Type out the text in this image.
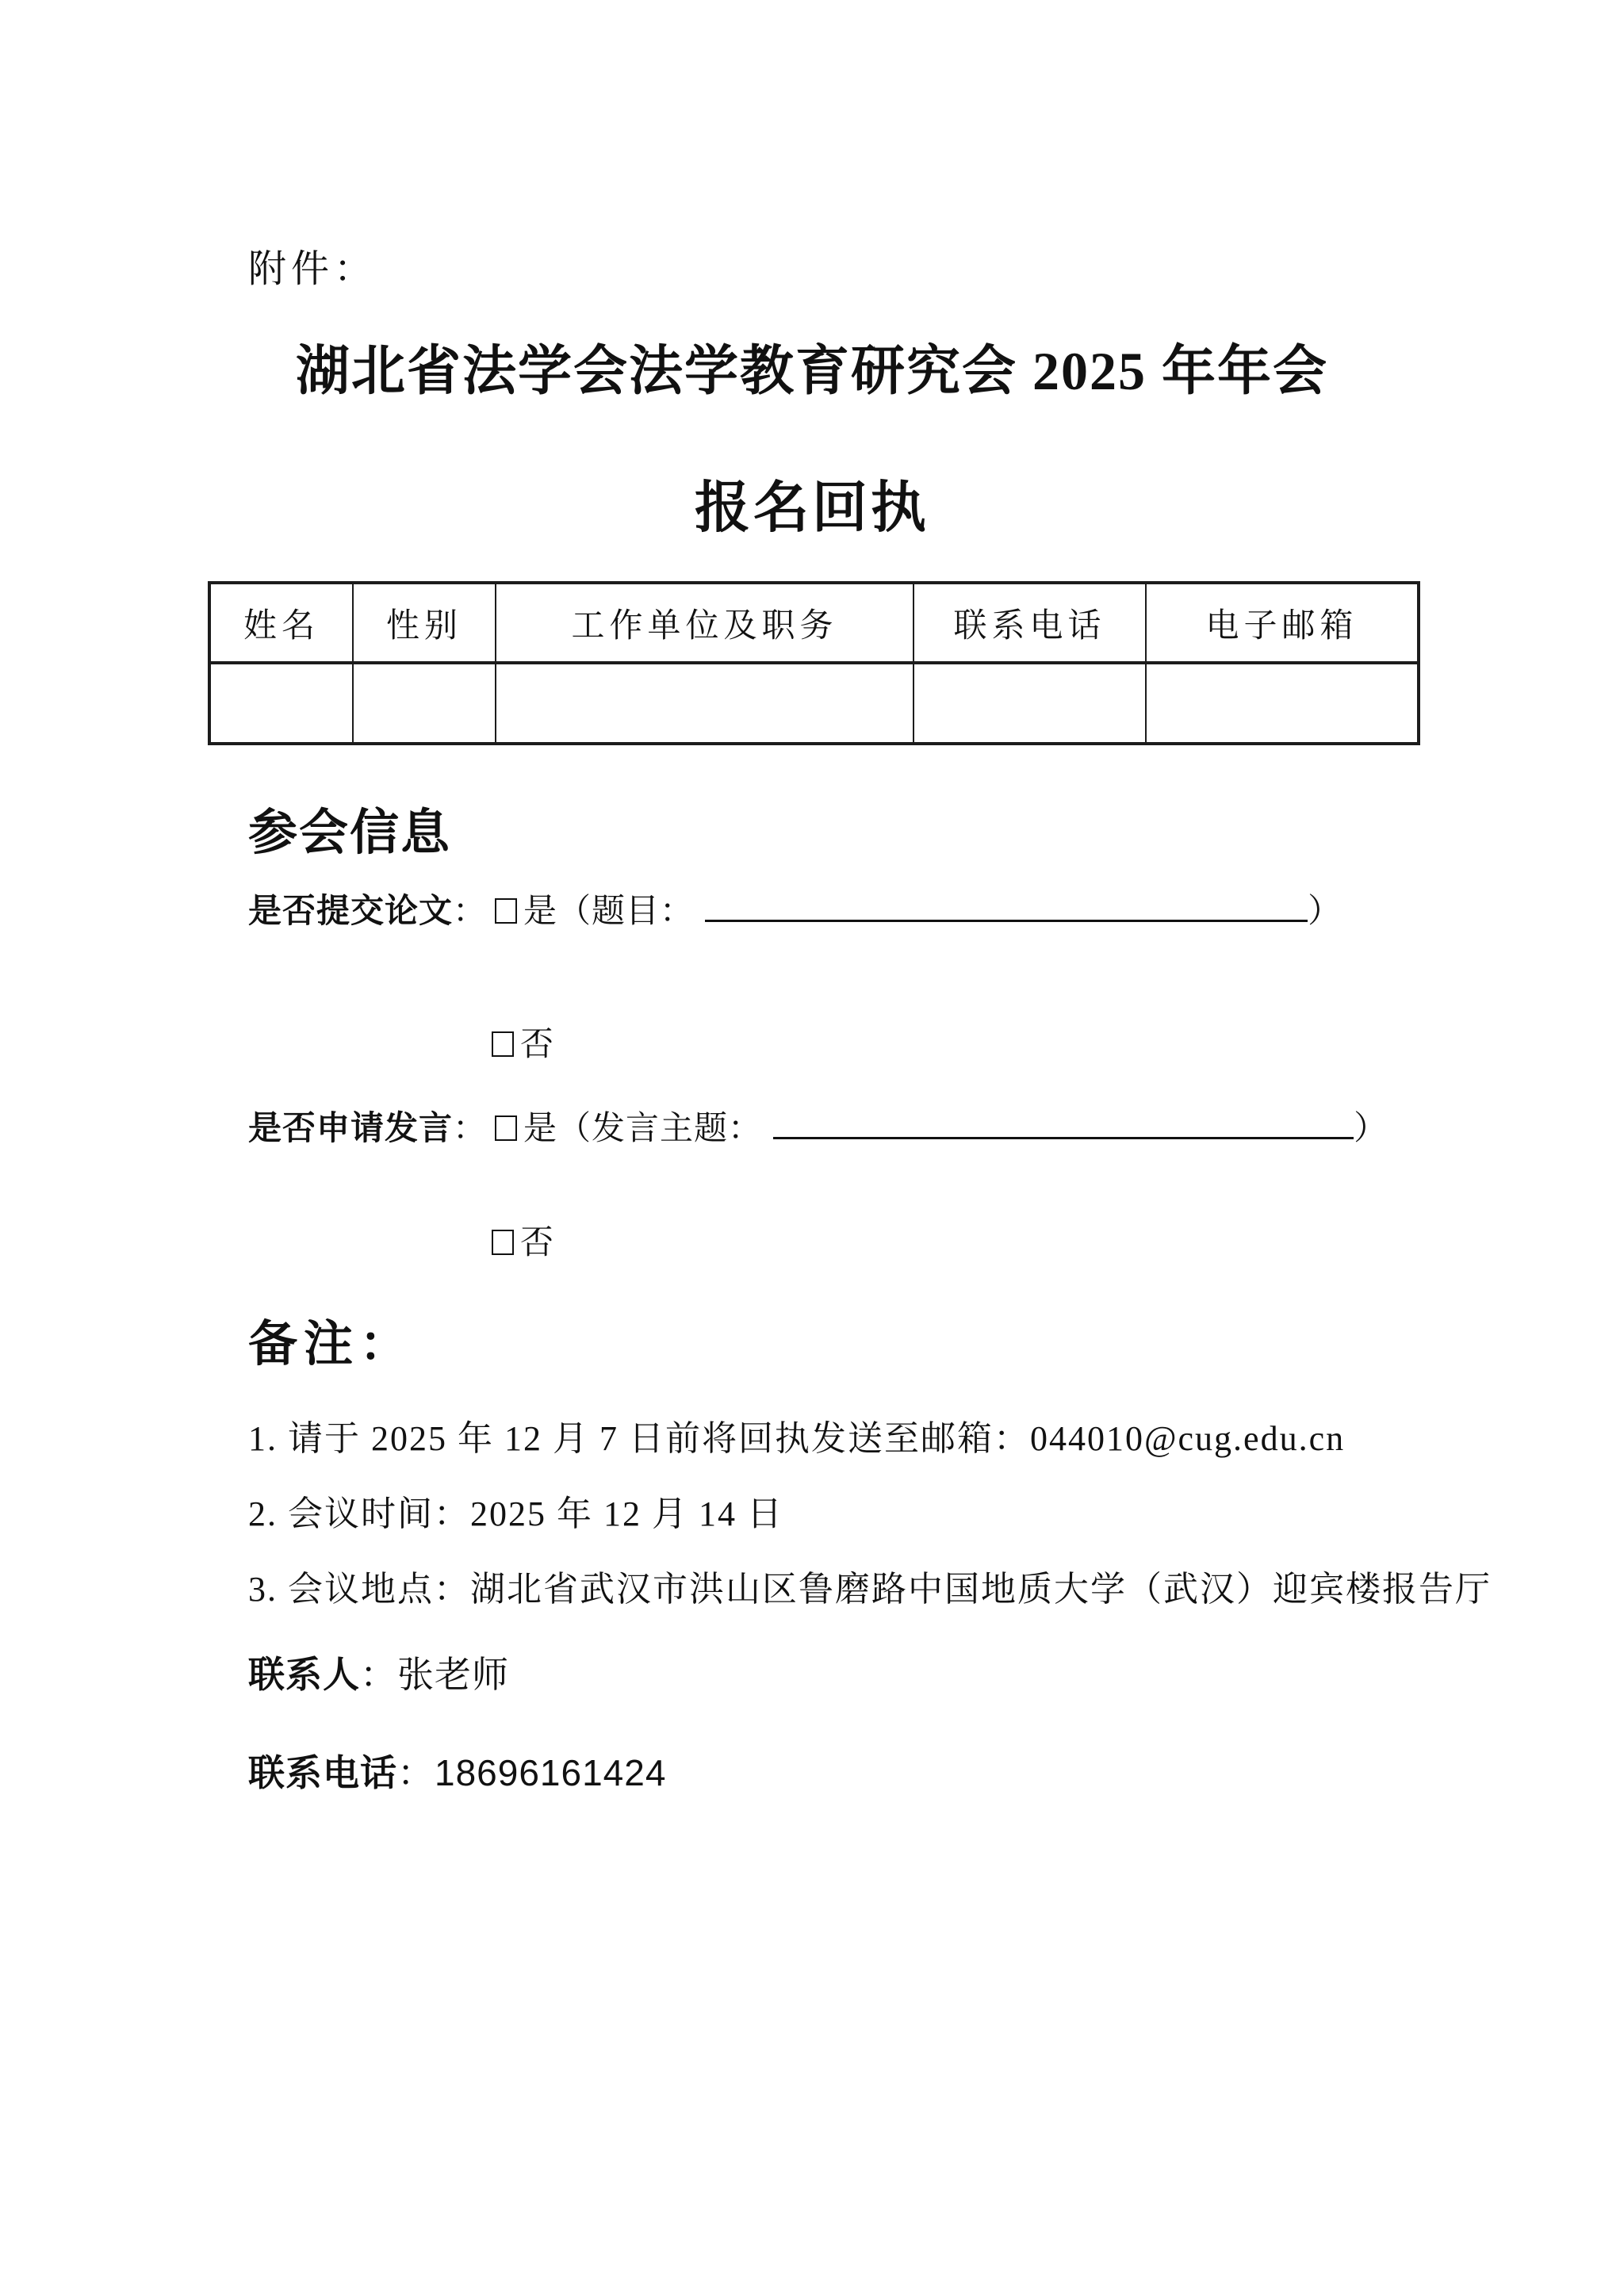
附件：
湖北省法学会法学教育研究会 2025 年年会
报名回执
姓名	性别	工作单位及职务	联系电话	电子邮箱

参会信息
是否提交论文： 是（题目：	）
否
是否申请发言： 是（发言主题：	）
否
备注：
1. 请于 2025 年 12 月 7 日前将回执发送至邮箱：044010@cug.edu.cn
2. 会议时间：2025 年 12 月 14 日
3. 会议地点：湖北省武汉市洪山区鲁磨路中国地质大学（武汉）迎宾楼报告厅
联系人：张老师
联系电话：18696161424
